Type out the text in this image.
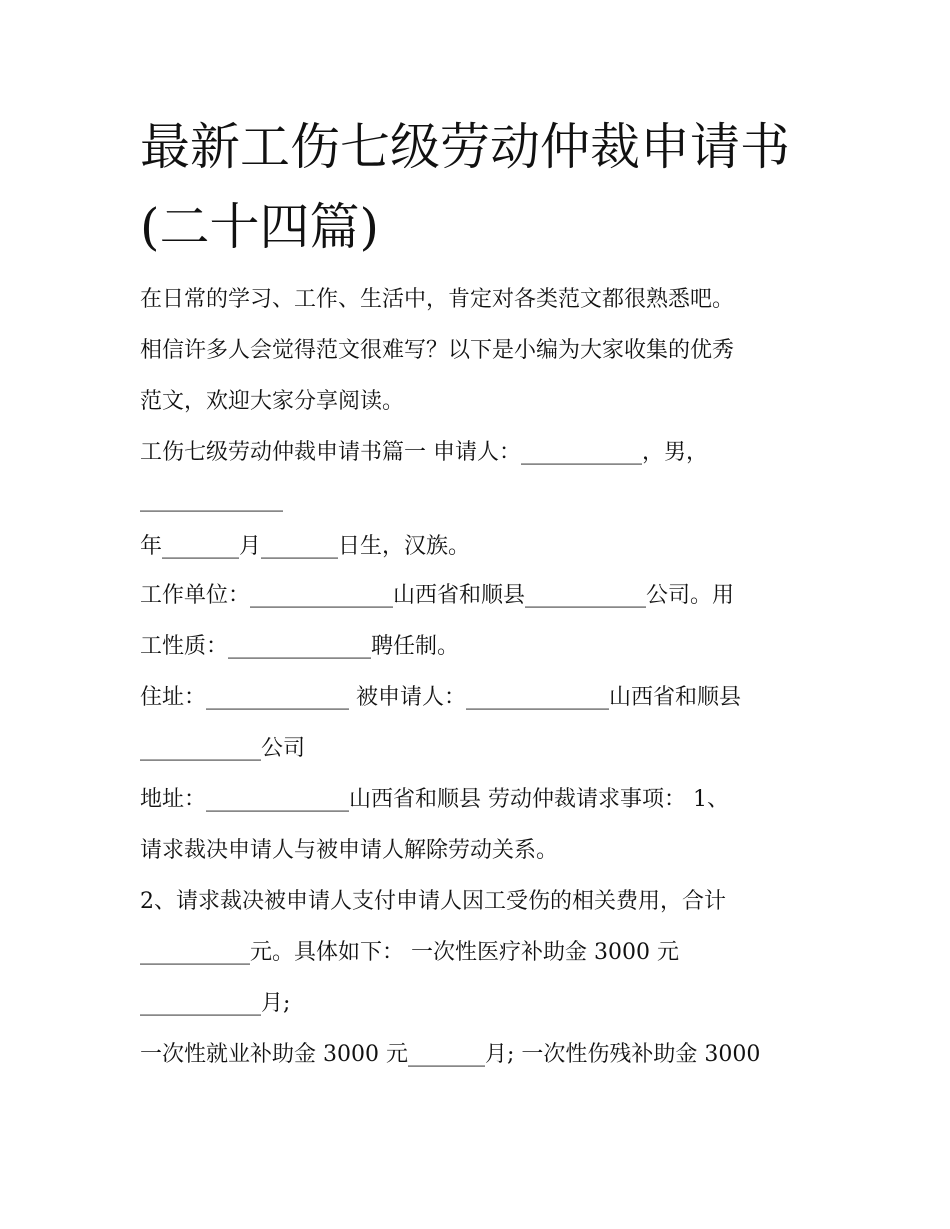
最新工伤七级劳动仲裁申请书
(二十四篇)
在日常的学习、工作、生活中，肯定对各类范文都很熟悉吧。
相信许多人会觉得范文很难写？以下是小编为大家收集的优秀
范文，欢迎大家分享阅读。
工伤七级劳动仲裁申请书篇一 申请人：___________，男，
_____________
年_______月_______日生，汉族。
工作单位：_____________山西省和顺县___________公司。用
工性质：_____________聘任制。
住址：_____________ 被申请人：_____________山西省和顺县
___________公司
地址：_____________山西省和顺县 劳动仲裁请求事项： 1、
请求裁决申请人与被申请人解除劳动关系。
2、请求裁决被申请人支付申请人因工受伤的相关费用，合计
__________元。具体如下： 一次性医疗补助金 3000 元
___________月;
一次性就业补助金 3000 元_______月; 一次性伤残补助金 3000
